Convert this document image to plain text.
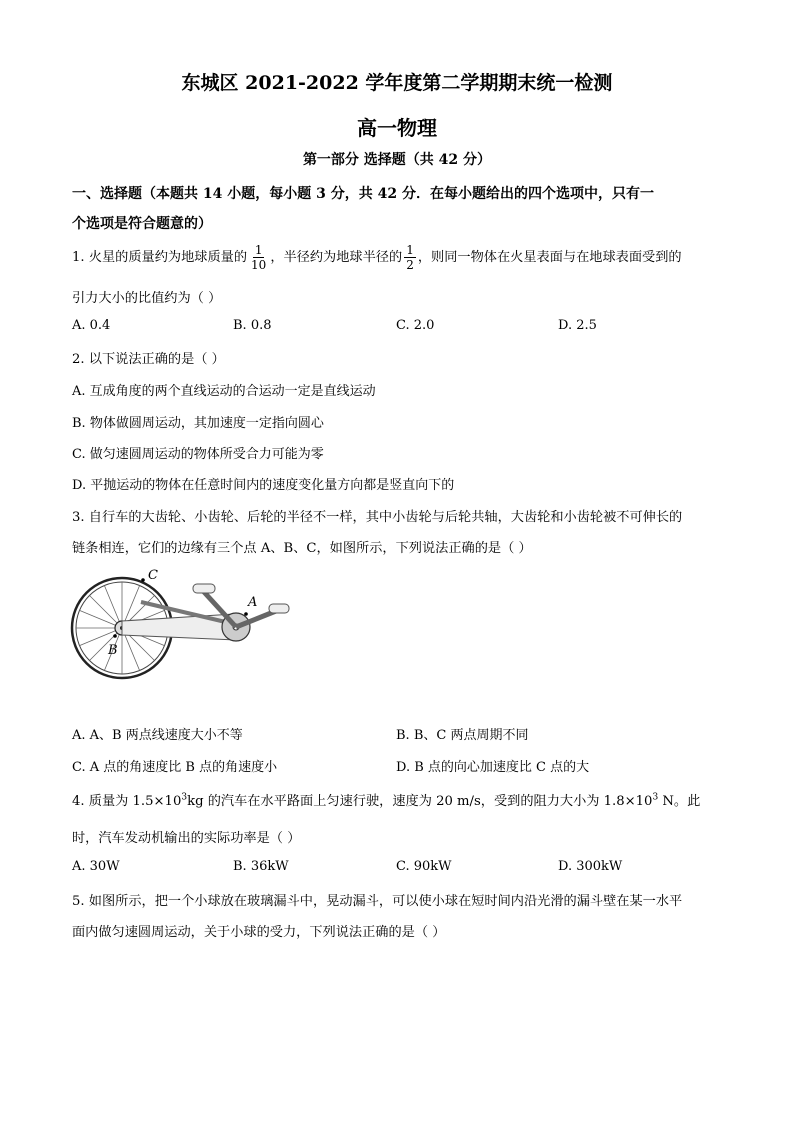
东城区 2021-2022 学年度第二学期期末统一检测
高一物理
第一部分 选择题（共 42 分）
一、选择题（本题共 14 小题，每小题 3 分，共 42 分．在每小题给出的四个选项中，只有一
个选项是符合题意的）
1. 火星的质量约为地球质量的 $\frac{1}{10}$ ，半径约为地球半径的 $\frac{1}{2}$ ，则同一物体在火星表面与在地球表面受到的
引力大小的比值约为（ ）
A. 0.4	B. 0.8	C. 2.0	D. 2.5
2. 以下说法正确的是（ ）
A. 互成角度的两个直线运动的合运动一定是直线运动
B. 物体做圆周运动，其加速度一定指向圆心
C. 做匀速圆周运动的物体所受合力可能为零
D. 平抛运动的物体在任意时间内的速度变化量方向都是竖直向下的
3. 自行车的大齿轮、小齿轮、后轮的半径不一样，其中小齿轮与后轮共轴，大齿轮和小齿轮被不可伸长的
链条相连，它们的边缘有三个点 A、B、C，如图所示，下列说法正确的是（ ）
C
A
B
A. A、B 两点线速度大小不等	B. B、C 两点周期不同
C. A 点的角速度比 B 点的角速度小	D. B 点的向心加速度比 C 点的大
4. 质量为 $1.5\times 10^3kg$ 的汽车在水平路面上匀速行驶，速度为 20 m/s，受到的阻力大小为 $1.8\times 10^3$ N。此
时，汽车发动机输出的实际功率是（ ）
A. 30W	B. 36kW	C. 90kW	D. 300kW
5. 如图所示，把一个小球放在玻璃漏斗中，晃动漏斗，可以使小球在短时间内沿光滑的漏斗壁在某一水平
面内做匀速圆周运动，关于小球的受力，下列说法正确的是（ ）
